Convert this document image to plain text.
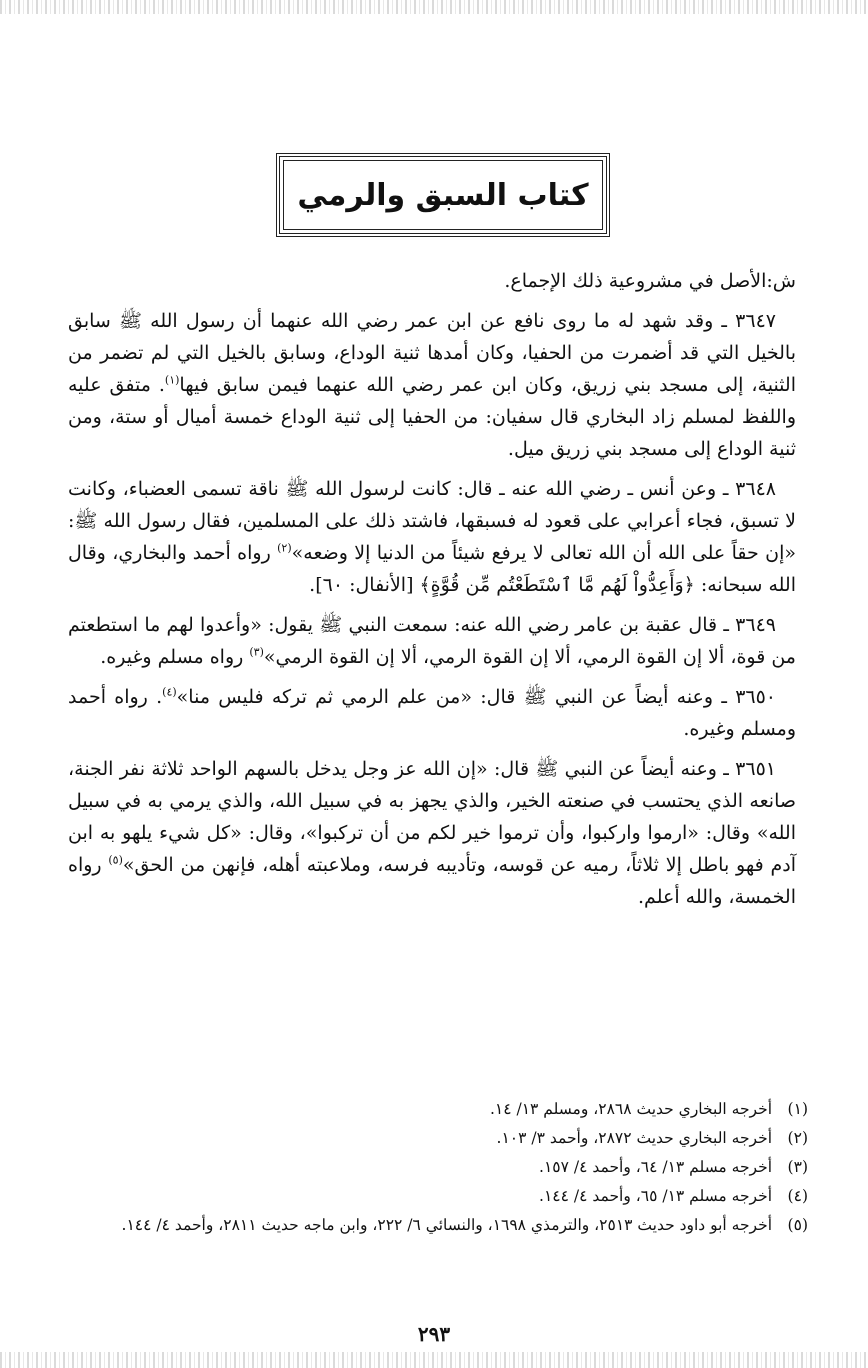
كتاب السبق والرمي

ش:الأصل في مشروعية ذلك الإجماع.

٣٦٤٧ ـ وقد شهد له ما روى نافع عن ابن عمر رضي الله عنهما أن رسول الله ﷺ سابق بالخيل التي قد أضمرت من الحفيا، وكان أمدها ثنية الوداع، وسابق بالخيل التي لم تضمر من الثنية، إلى مسجد بني زريق، وكان ابن عمر رضي الله عنهما فيمن سابق فيها$^{(١)}$. متفق عليه واللفظ لمسلم زاد البخاري قال سفيان: من الحفيا إلى ثنية الوداع خمسة أميال أو ستة، ومن ثنية الوداع إلى مسجد بني زريق ميل.

٣٦٤٨ ـ وعن أنس ـ رضي الله عنه ـ قال: كانت لرسول الله ﷺ ناقة تسمى العضباء، وكانت لا تسبق، فجاء أعرابي على قعود له فسبقها، فاشتد ذلك على المسلمين، فقال رسول الله ﷺ: «إن حقاً على الله أن الله تعالى لا يرفع شيئاً من الدنيا إلا وضعه»$^{(٢)}$ رواه أحمد والبخاري، وقال الله سبحانه: ﴿وَأَعِدُّواْ لَهُم مَّا ٱسْتَطَعْتُم مِّن قُوَّةٍ﴾ [الأنفال: ٦٠].

٣٦٤٩ ـ قال عقبة بن عامر رضي الله عنه: سمعت النبي ﷺ يقول: «وأعدوا لهم ما استطعتم من قوة، ألا إن القوة الرمي، ألا إن القوة الرمي، ألا إن القوة الرمي»$^{(٣)}$ رواه مسلم وغيره.

٣٦٥٠ ـ وعنه أيضاً عن النبي ﷺ قال: «من علم الرمي ثم تركه فليس منا»$^{(٤)}$. رواه أحمد ومسلم وغيره.

٣٦٥١ ـ وعنه أيضاً عن النبي ﷺ قال: «إن الله عز وجل يدخل بالسهم الواحد ثلاثة نفر الجنة، صانعه الذي يحتسب في صنعته الخير، والذي يجهز به في سبيل الله، والذي يرمي به في سبيل الله» وقال: «ارموا واركبوا، وأن ترموا خير لكم من أن تركبوا»، وقال: «كل شيء يلهو به ابن آدم فهو باطل إلا ثلاثاً، رميه عن قوسه، وتأديبه فرسه، وملاعبته أهله، فإنهن من الحق»$^{(٥)}$ رواه الخمسة، والله أعلم.

(١)
أخرجه البخاري حديث ٢٨٦٨، ومسلم ١٣/ ١٤.
(٢)
أخرجه البخاري حديث ٢٨٧٢، وأحمد ٣/ ١٠٣.
(٣)
أخرجه مسلم ١٣/ ٦٤، وأحمد ٤/ ١٥٧.
(٤)
أخرجه مسلم ١٣/ ٦٥، وأحمد ٤/ ١٤٤.
(٥)
أخرجه أبو داود حديث ٢٥١٣، والترمذي ١٦٩٨، والنسائي ٦/ ٢٢٢، وابن ماجه حديث ٢٨١١، وأحمد ٤/ ١٤٤.
٢٩٣
